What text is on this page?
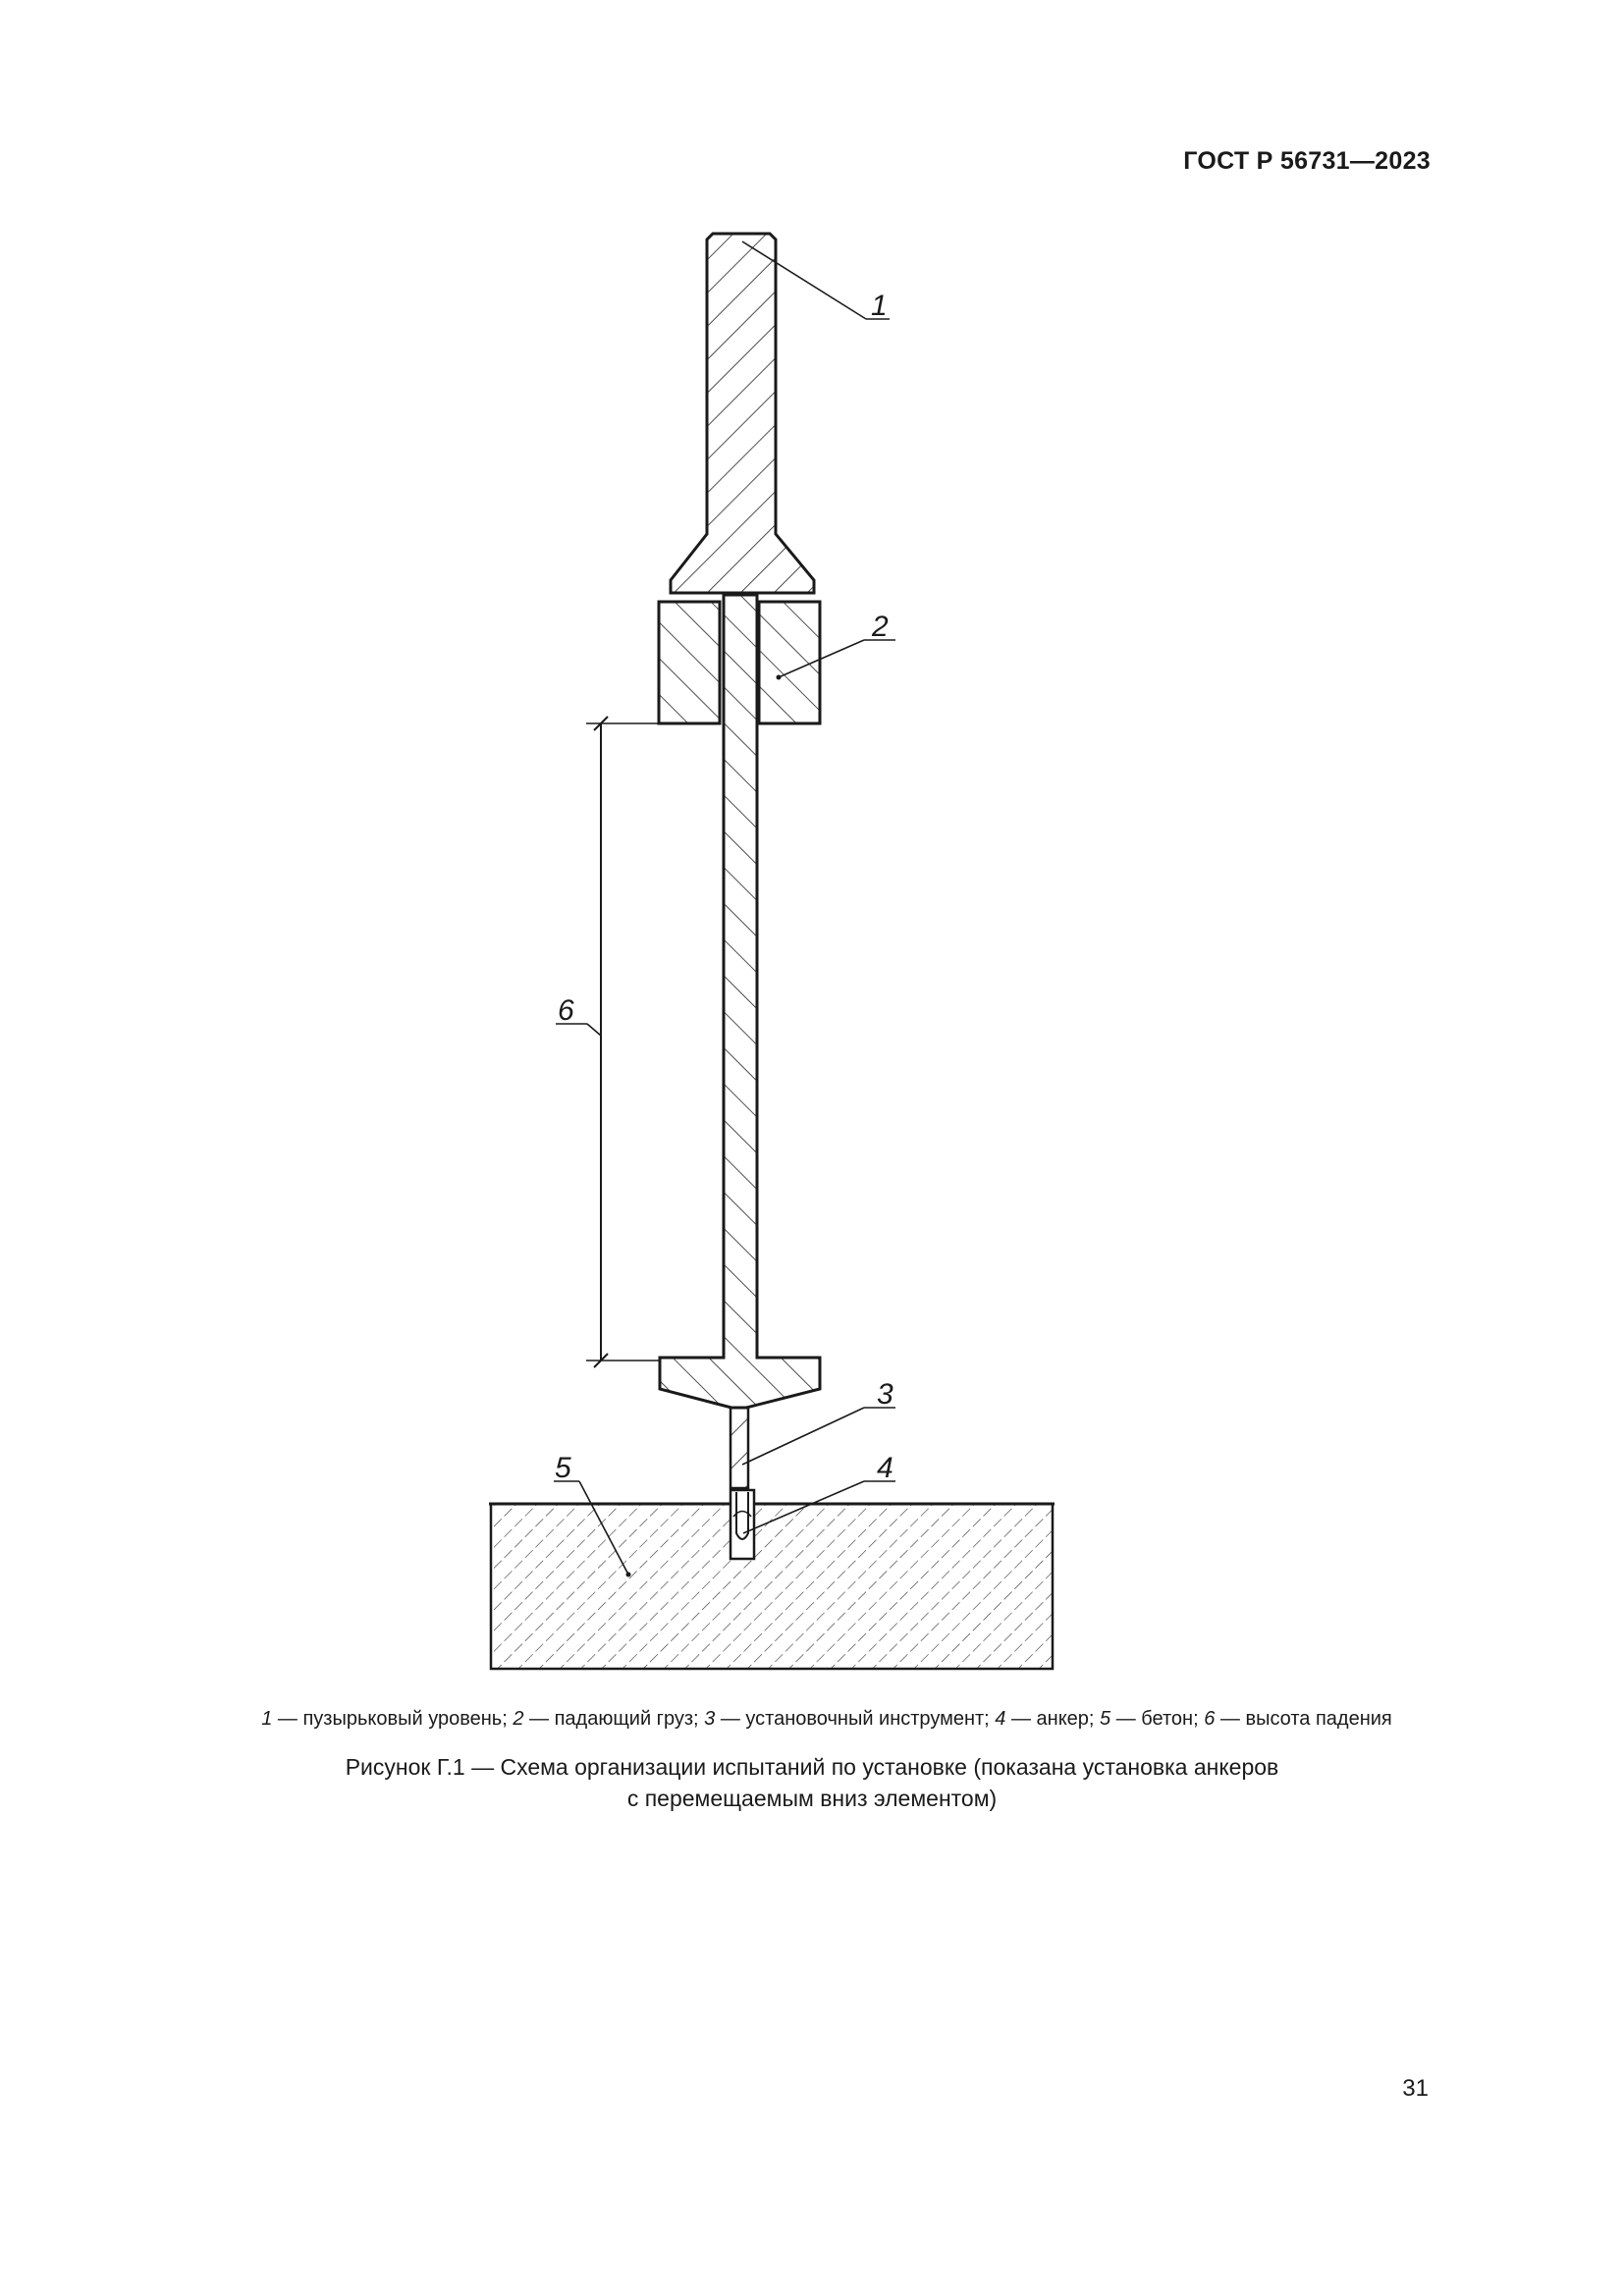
ГОСТ Р 56731—2023
1
2
3
4
5
6
1 — пузырьковый уровень; 2 — падающий груз; 3 — установочный инструмент; 4 — анкер; 5 — бетон; 6 — высота падения
Рисунок Г.1 — Схема организации испытаний по установке (показана установка анкеров
с перемещаемым вниз элементом)
31
